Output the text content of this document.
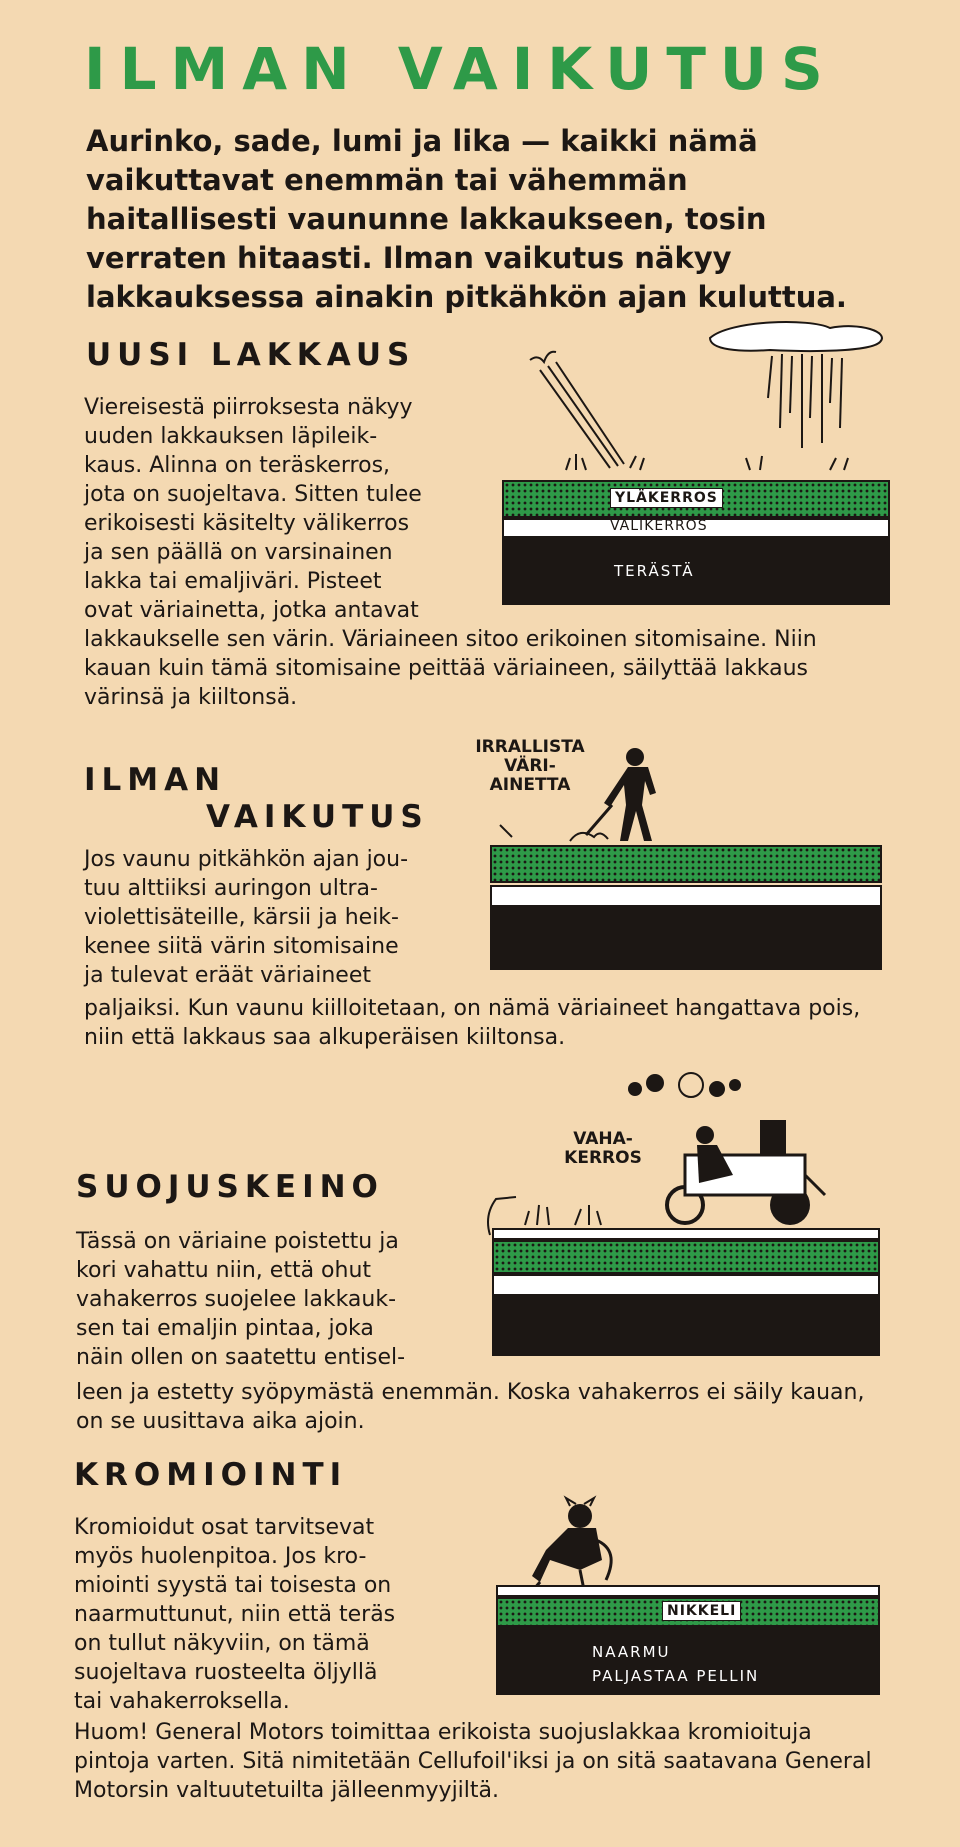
ILMAN VAIKUTUS

Aurinko, sade, lumi ja lika — kaikki nämä vaikuttavat enemmän tai vähemmän haitallisesti vaununne lakkaukseen, tosin verraten hitaasti. Ilman vaikutus näkyy lakkauksessa ainakin pitkähkön ajan kuluttua.

UUSI LAKKAUS

Viereisestä piirroksesta näkyy

uuden lakkauksen läpileik-

kaus. Alinna on teräskerros,

jota on suojeltava. Sitten tulee

erikoisesti käsitelty välikerros

ja sen päällä on varsinainen

lakka tai emaljiväri. Pisteet

ovat väriainetta, jotka antavat

lakkaukselle sen värin. Väriaineen sitoo erikoinen sitomisaine. Niin kauan kuin tämä sitomisaine peittää väriaineen, säilyttää lakkaus värinsä ja kiiltonsä.

YLÄKERROS
VÄLIKERROS
TERÄSTÄ
ILMAN
VAIKUTUS
IRRALLISTA
VÄRI-
AINETTA

Jos vaunu pitkähkön ajan jou-

tuu alttiiksi auringon ultra-

violettisäteille, kärsii ja heik-

kenee siitä värin sitomisaine

ja tulevat eräät väriaineet

paljaiksi. Kun vaunu kiilloitetaan, on nämä väriaineet hangattava pois, niin että lakkaus saa alkuperäisen kiiltonsa.

SUOJUSKEINO
VAHA-
KERROS

Tässä on väriaine poistettu ja

kori vahattu niin, että ohut

vahakerros suojelee lakkauk-

sen tai emaljin pintaa, joka

näin ollen on saatettu entisel-

leen ja estetty syöpymästä enemmän. Koska vahakerros ei säily kauan, on se uusittava aika ajoin.

KROMIOINTI
NIKKELI
NAARMU
PALJASTAA PELLIN

Kromioidut osat tarvitsevat

myös huolenpitoa. Jos kro-

miointi syystä tai toisesta on

naarmuttunut, niin että teräs

on tullut näkyviin, on tämä

suojeltava ruosteelta öljyllä

tai vahakerroksella.

Huom! General Motors toimittaa erikoista suojuslakkaa kromioituja pintoja varten. Sitä nimitetään Cellufoil'iksi ja on sitä saatavana General Motorsin valtuutetuilta jälleenmyyjiltä.
